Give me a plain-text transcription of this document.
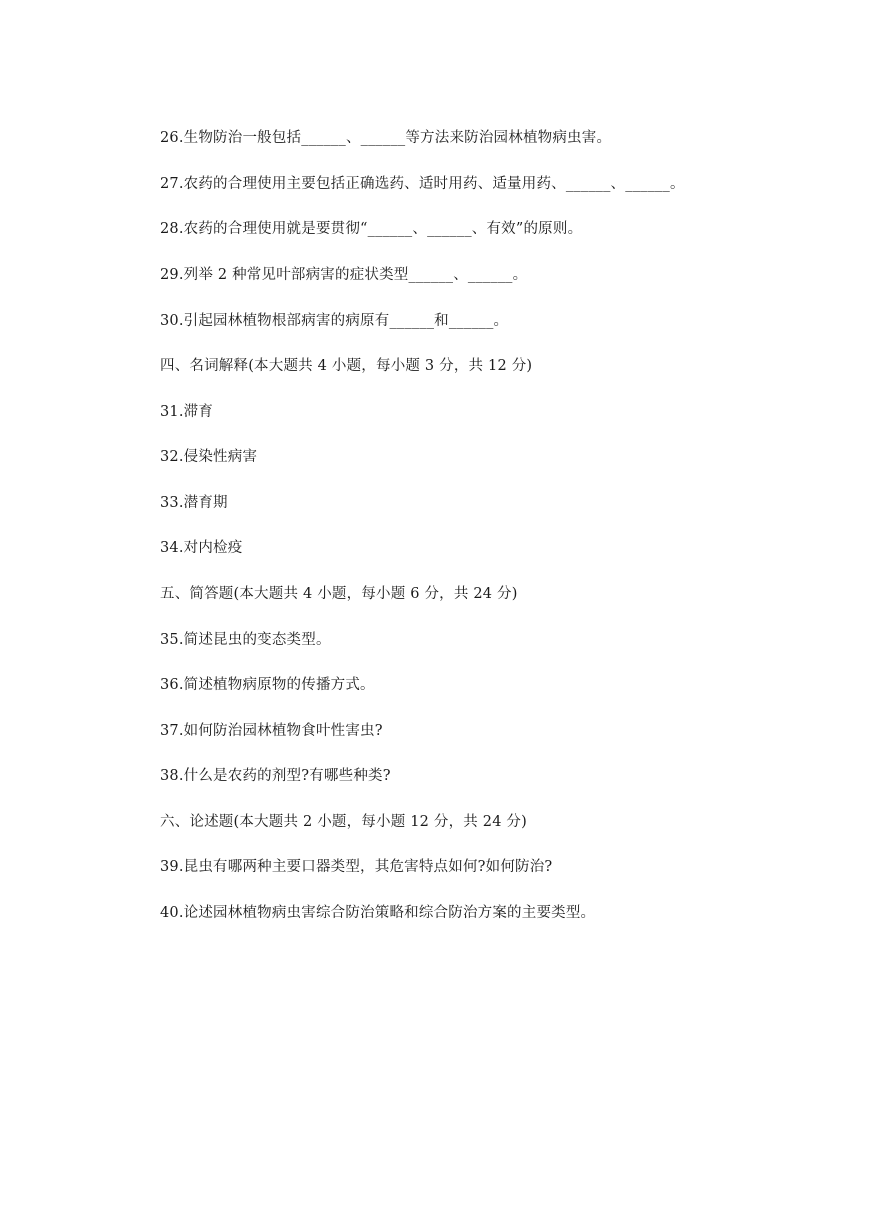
26.生物防治一般包括______、______等方法来防治园林植物病虫害。
27.农药的合理使用主要包括正确选药、适时用药、适量用药、______、______。
28.农药的合理使用就是要贯彻“______、______、有效”的原则。
29.列举 2 种常见叶部病害的症状类型______、______。
30.引起园林植物根部病害的病原有______和______。
四、名词解释(本大题共 4 小题，每小题 3 分，共 12 分)
31.滞育
32.侵染性病害
33.潜育期
34.对内检疫
五、简答题(本大题共 4 小题，每小题 6 分，共 24 分)
35.简述昆虫的变态类型。
36.简述植物病原物的传播方式。
37.如何防治园林植物食叶性害虫?
38.什么是农药的剂型?有哪些种类?
六、论述题(本大题共 2 小题，每小题 12 分，共 24 分)
39.昆虫有哪两种主要口器类型，其危害特点如何?如何防治?
40.论述园林植物病虫害综合防治策略和综合防治方案的主要类型。
